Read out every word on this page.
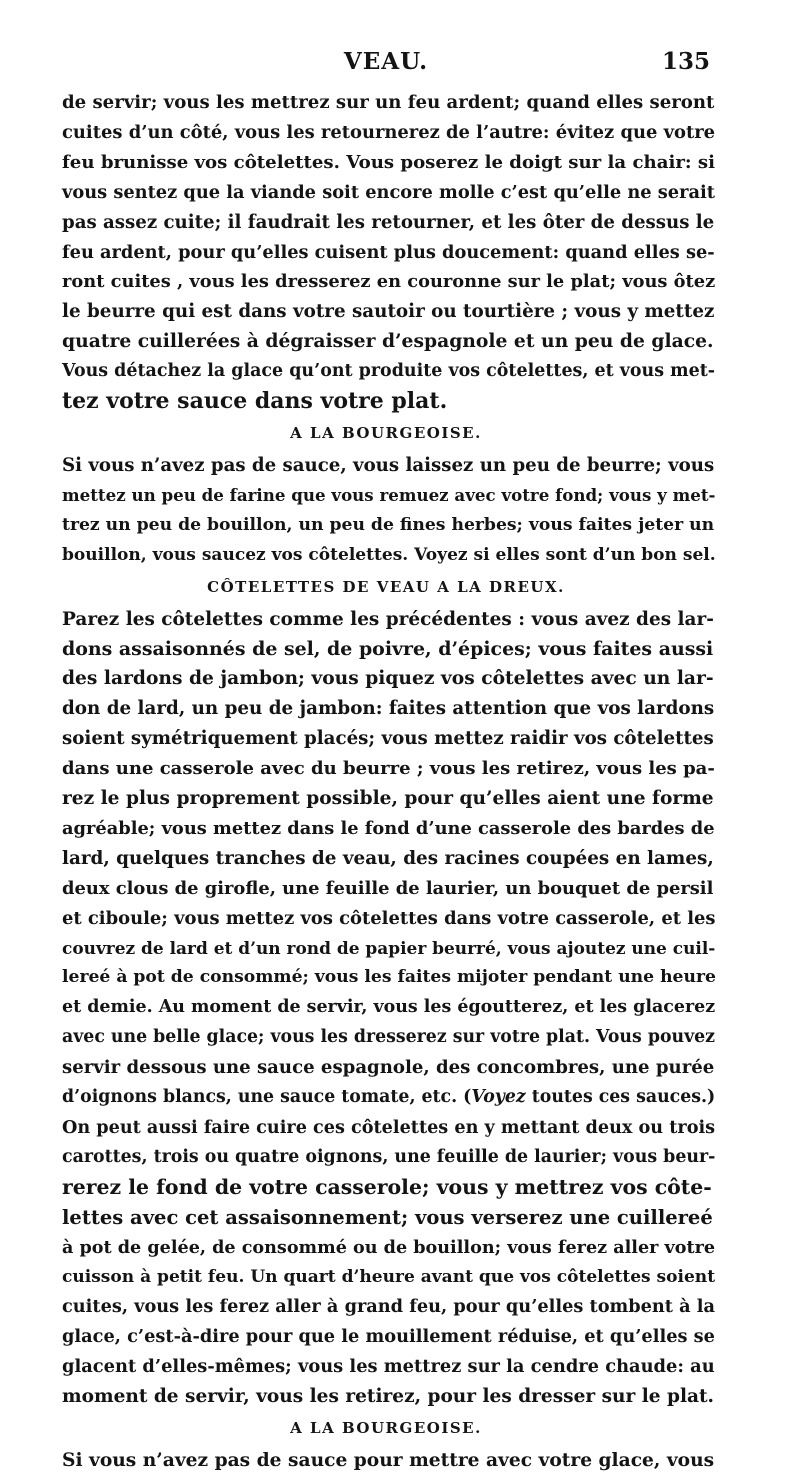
VEAU.	135
de servir; vous les mettrez sur un feu ardent; quand elles seront
cuites d’un côté, vous les retournerez de l’autre: évitez que votre
feu brunisse vos côtelettes. Vous poserez le doigt sur la chair: si
vous sentez que la viande soit encore molle c’est qu’elle ne serait
pas assez cuite; il faudrait les retourner, et les ôter de dessus le
feu ardent, pour qu’elles cuisent plus doucement: quand elles se-
ront cuites , vous les dresserez en couronne sur le plat; vous ôtez
le beurre qui est dans votre sautoir ou tourtière ; vous y mettez
quatre cuillerées à dégraisser d’espagnole et un peu de glace.
Vous détachez la glace qu’ont produite vos côtelettes, et vous met-
tez votre sauce dans votre plat.
A LA BOURGEOISE.
Si vous n’avez pas de sauce, vous laissez un peu de beurre; vous
mettez un peu de farine que vous remuez avec votre fond; vous y met-
trez un peu de bouillon, un peu de fines herbes; vous faites jeter un
bouillon, vous saucez vos côtelettes. Voyez si elles sont d’un bon sel.
CÔTELETTES DE VEAU A LA DREUX.
Parez les côtelettes comme les précédentes : vous avez des lar-
dons assaisonnés de sel, de poivre, d’épices; vous faites aussi
des lardons de jambon; vous piquez vos côtelettes avec un lar-
don de lard, un peu de jambon: faites attention que vos lardons
soient symétriquement placés; vous mettez raidir vos côtelettes
dans une casserole avec du beurre ; vous les retirez, vous les pa-
rez le plus proprement possible, pour qu’elles aient une forme
agréable; vous mettez dans le fond d’une casserole des bardes de
lard, quelques tranches de veau, des racines coupées en lames,
deux clous de girofle, une feuille de laurier, un bouquet de persil
et ciboule; vous mettez vos côtelettes dans votre casserole, et les
couvrez de lard et d’un rond de papier beurré, vous ajoutez une cuil-
lereé à pot de consommé; vous les faites mijoter pendant une heure
et demie. Au moment de servir, vous les égoutterez, et les glacerez
avec une belle glace; vous les dresserez sur votre plat. Vous pouvez
servir dessous une sauce espagnole, des concombres, une purée
d’oignons blancs, une sauce tomate, etc. (Voyez toutes ces sauces.)
On peut aussi faire cuire ces côtelettes en y mettant deux ou trois
carottes, trois ou quatre oignons, une feuille de laurier; vous beur-
rerez le fond de votre casserole; vous y mettrez vos côte-
lettes avec cet assaisonnement; vous verserez une cuillereé
à pot de gelée, de consommé ou de bouillon; vous ferez aller votre
cuisson à petit feu. Un quart d’heure avant que vos côtelettes soient
cuites, vous les ferez aller à grand feu, pour qu’elles tombent à la
glace, c’est-à-dire pour que le mouillement réduise, et qu’elles se
glacent d’elles-mêmes; vous les mettrez sur la cendre chaude: au
moment de servir, vous les retirez, pour les dresser sur le plat.
A LA BOURGEOISE.
Si vous n’avez pas de sauce pour mettre avec votre glace, vous
